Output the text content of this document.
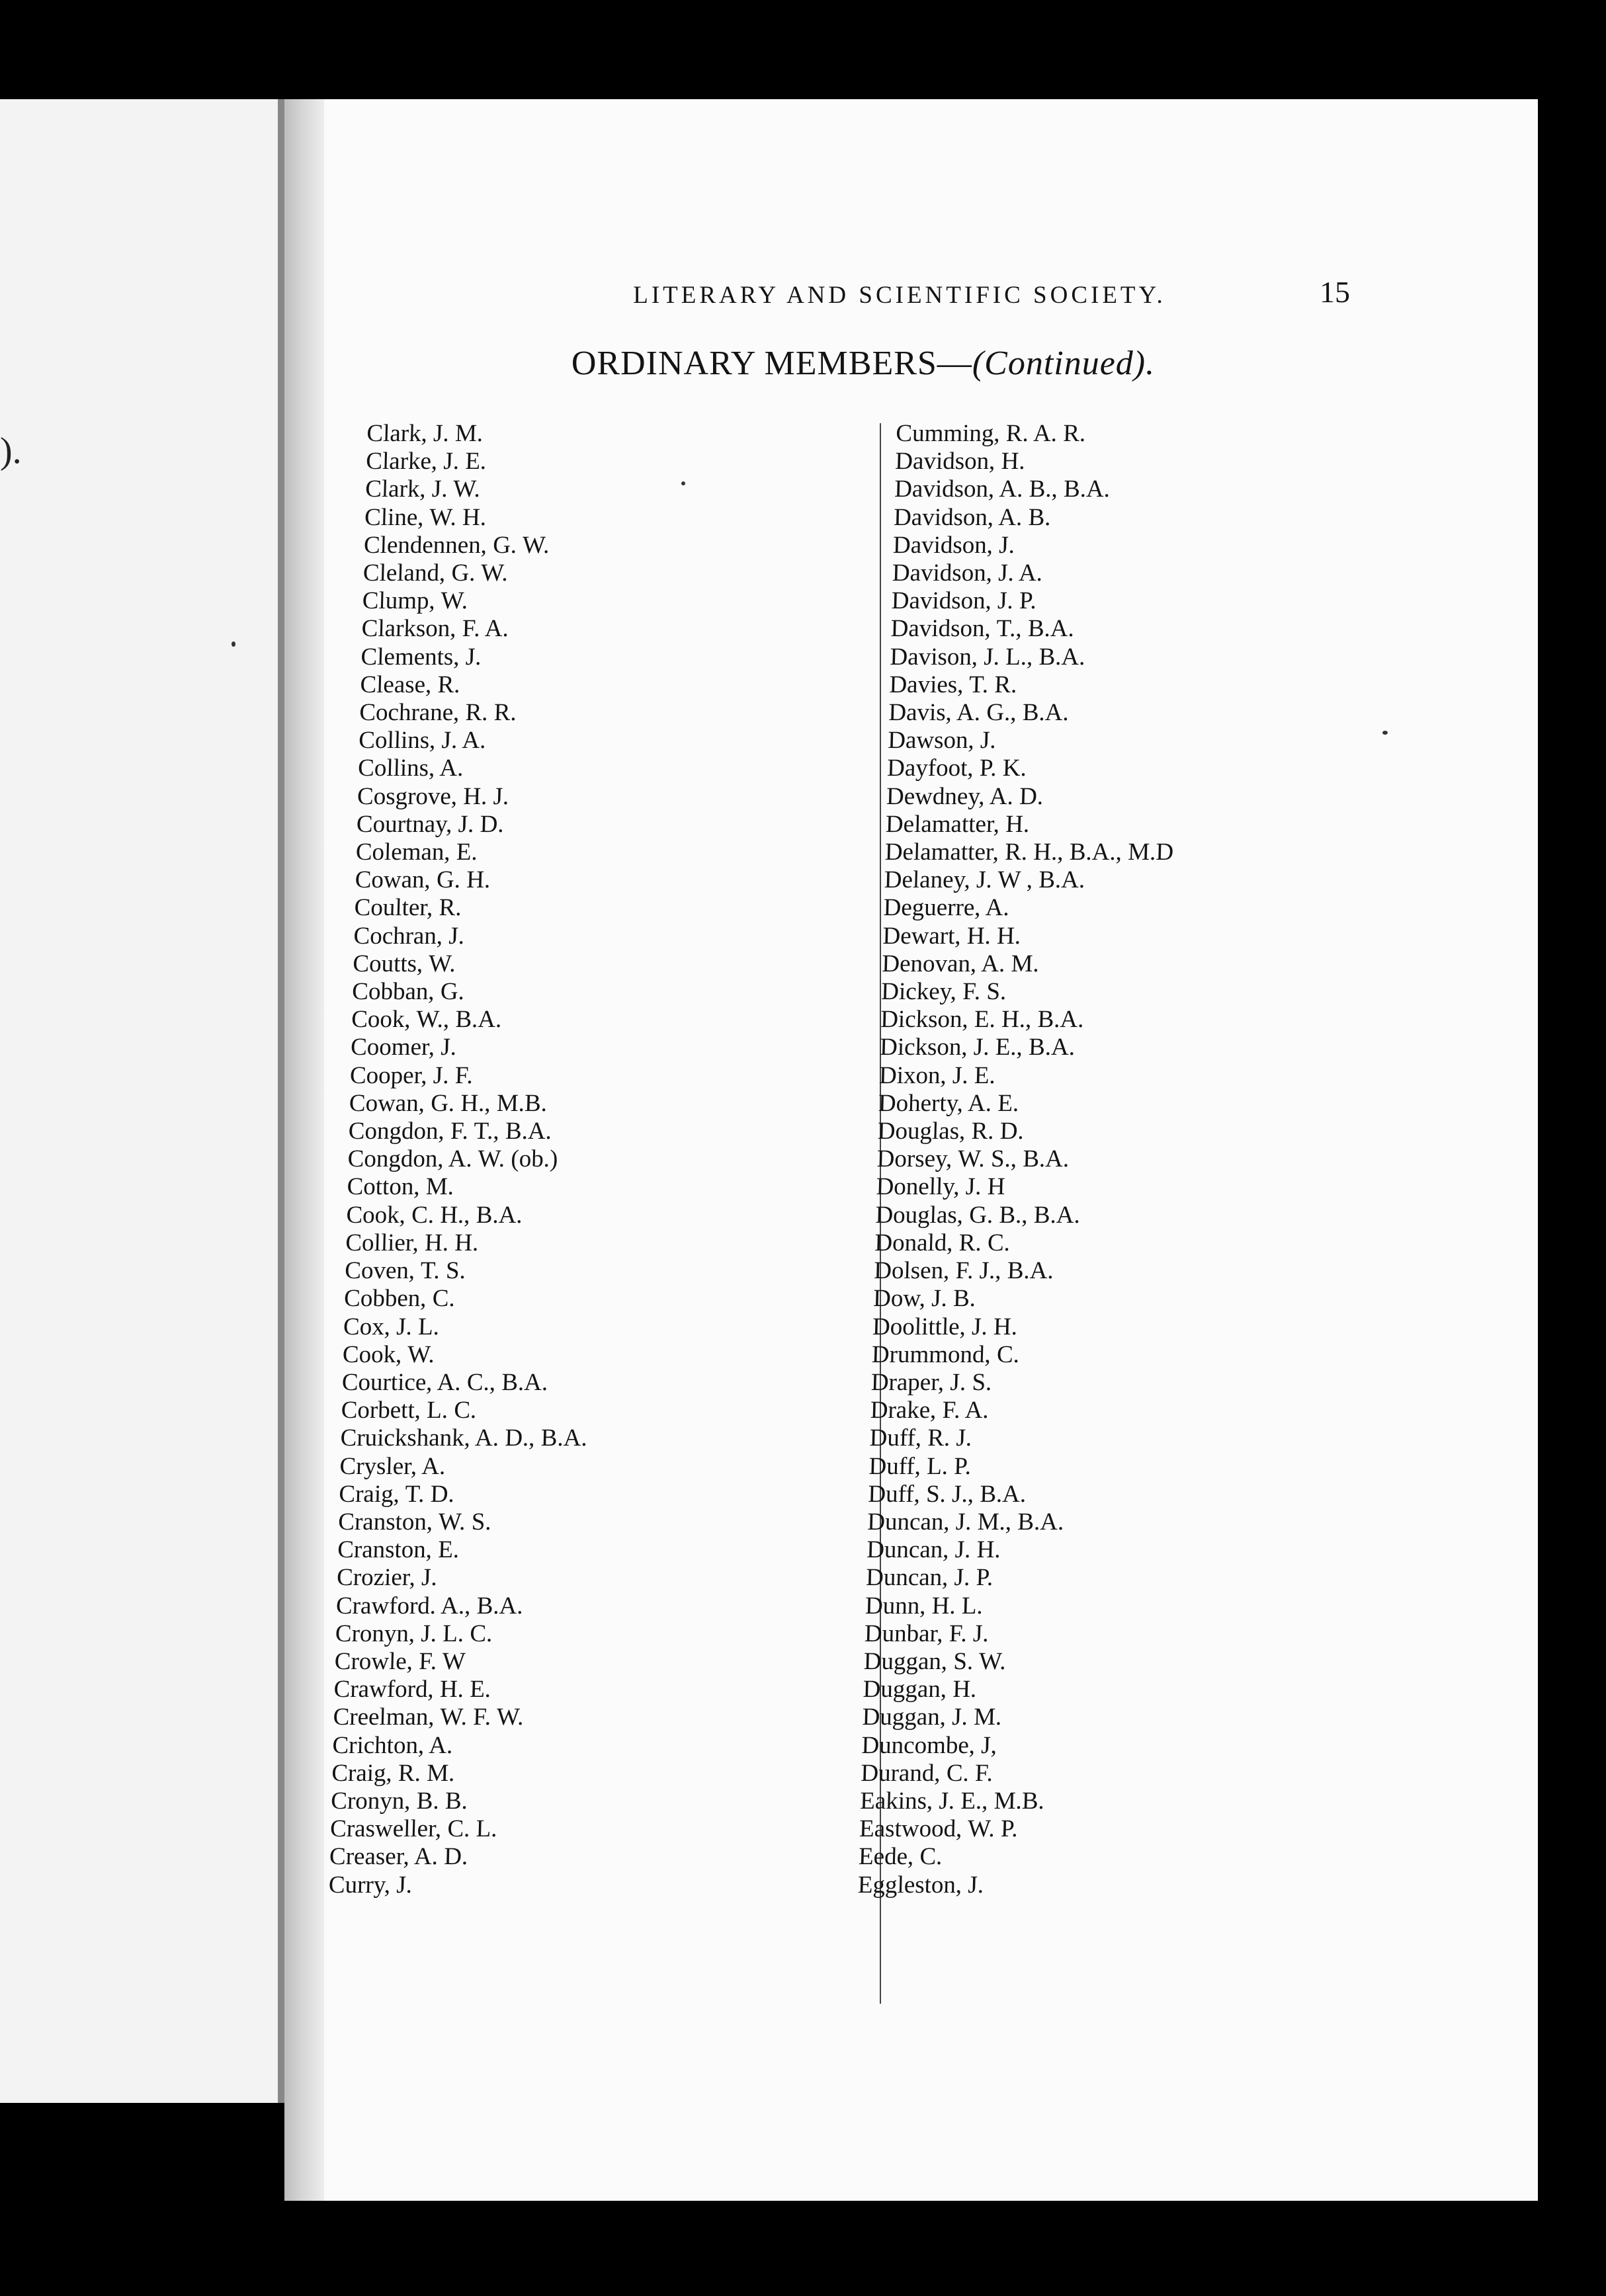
).
LITERARY AND SCIENTIFIC SOCIETY.	15
ORDINARY MEMBERS—(Continued).
Clark, J. M.
Clarke, J. E.
Clark, J. W.
Cline, W. H.
Clendennen, G. W.
Cleland, G. W.
Clump, W.
Clarkson, F. A.
Clements, J.
Clease, R.
Cochrane, R. R.
Collins, J. A.
Collins, A.
Cosgrove, H. J.
Courtnay, J. D.
Coleman, E.
Cowan, G. H.
Coulter, R.
Cochran, J.
Coutts, W.
Cobban, G.
Cook, W., B.A.
Coomer, J.
Cooper, J. F.
Cowan, G. H., M.B.
Congdon, F. T., B.A.
Congdon, A. W. (ob.)
Cotton, M.
Cook, C. H., B.A.
Collier, H. H.
Coven, T. S.
Cobben, C.
Cox, J. L.
Cook, W.
Courtice, A. C., B.A.
Corbett, L. C.
Cruickshank, A. D., B.A.
Crysler, A.
Craig, T. D.
Cranston, W. S.
Cranston, E.
Crozier, J.
Crawford. A., B.A.
Cronyn, J. L. C.
Crowle, F. W
Crawford, H. E.
Creelman, W. F. W.
Crichton, A.
Craig, R. M.
Cronyn, B. B.
Crasweller, C. L.
Creaser, A. D.
Curry, J.
Cumming, R. A. R.
Davidson, H.
Davidson, A. B., B.A.
Davidson, A. B.
Davidson, J.
Davidson, J. A.
Davidson, J. P.
Davidson, T., B.A.
Davison, J. L., B.A.
Davies, T. R.
Davis, A. G., B.A.
Dawson, J.
Dayfoot, P. K.
Dewdney, A. D.
Delamatter, H.
Delamatter, R. H., B.A., M.D
Delaney, J. W , B.A.
Deguerre, A.
Dewart, H. H.
Denovan, A. M.
Dickey, F. S.
Dickson, E. H., B.A.
Dickson, J. E., B.A.
Dixon, J. E.
Doherty, A. E.
Douglas, R. D.
Dorsey, W. S., B.A.
Donelly, J. H
Douglas, G. B., B.A.
Donald, R. C.
Dolsen, F. J., B.A.
Dow, J. B.
Doolittle, J. H.
Drummond, C.
Draper, J. S.
Drake, F. A.
Duff, R. J.
Duff, L. P.
Duff, S. J., B.A.
Duncan, J. M., B.A.
Duncan, J. H.
Duncan, J. P.
Dunn, H. L.
Dunbar, F. J.
Duggan, S. W.
Duggan, H.
Duggan, J. M.
Duncombe, J,
Durand, C. F.
Eakins, J. E., M.B.
Eastwood, W. P.
Eede, C.
Eggleston, J.
